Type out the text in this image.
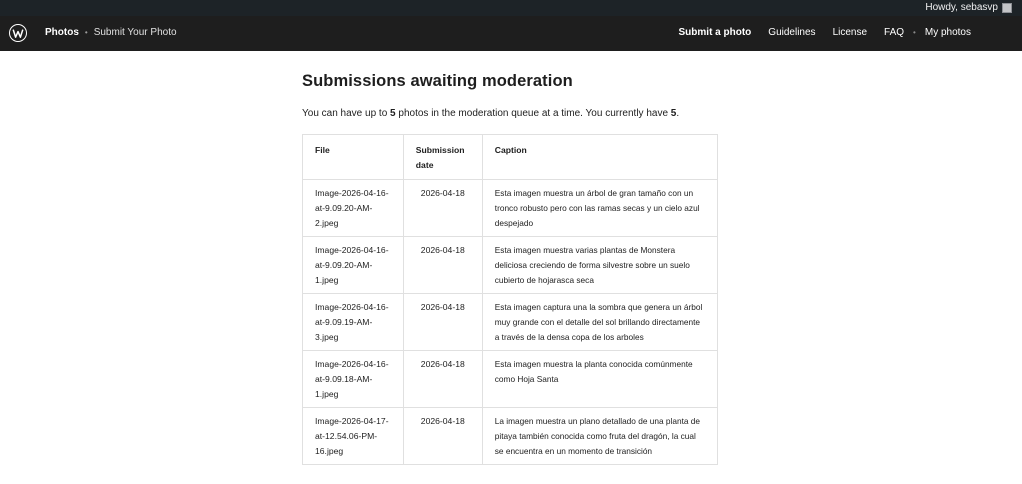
Howdy, sebasvp
Photos • Submit Your Photo	Submit a photo Guidelines License FAQ • My photos
Submissions awaiting moderation

You can have up to 5 photos in the moderation queue at a time. You currently have 5.

File	Submission date	Caption
Image-2026-04-16-at-9.09.20-AM-2.jpeg	2026-04-18	Esta imagen muestra un árbol de gran tamaño con un tronco robusto pero con las ramas secas y un cielo azul despejado
Image-2026-04-16-at-9.09.20-AM-1.jpeg	2026-04-18	Esta imagen muestra varias plantas de Monstera deliciosa creciendo de forma silvestre sobre un suelo cubierto de hojarasca seca
Image-2026-04-16-at-9.09.19-AM-3.jpeg	2026-04-18	Esta imagen captura una la sombra que genera un árbol muy grande con el detalle del sol brillando directamente a través de la densa copa de los arboles
Image-2026-04-16-at-9.09.18-AM-1.jpeg	2026-04-18	Esta imagen muestra la planta conocida comúnmente como Hoja Santa
Image-2026-04-17-at-12.54.06-PM-16.jpeg	2026-04-18	La imagen muestra un plano detallado de una planta de pitaya también conocida como fruta del dragón, la cual se encuentra en un momento de transición
